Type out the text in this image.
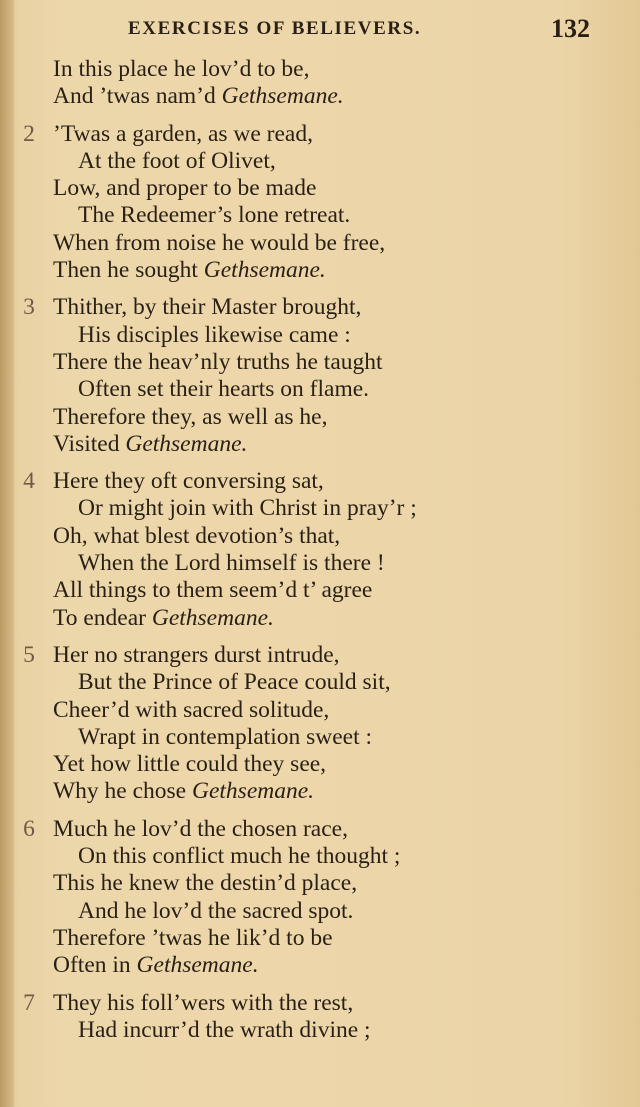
EXERCISES OF BELIEVERS.	132
In this place he lov’d to be,
And ’twas nam’d Gethsemane.
2 ’Twas a garden, as we read,
At the foot of Olivet,
Low, and proper to be made
The Redeemer’s lone retreat.
When from noise he would be free,
Then he sought Gethsemane.
3 Thither, by their Master brought,
His disciples likewise came :
There the heav’nly truths he taught
Often set their hearts on flame.
Therefore they, as well as he,
Visited Gethsemane.
4 Here they oft conversing sat,
Or might join with Christ in pray’r ;
Oh, what blest devotion’s that,
When the Lord himself is there !
All things to them seem’d t’ agree
To endear Gethsemane.
5 Her no strangers durst intrude,
But the Prince of Peace could sit,
Cheer’d with sacred solitude,
Wrapt in contemplation sweet :
Yet how little could they see,
Why he chose Gethsemane.
6 Much he lov’d the chosen race,
On this conflict much he thought ;
This he knew the destin’d place,
And he lov’d the sacred spot.
Therefore ’twas he lik’d to be
Often in Gethsemane.
7 They his foll’wers with the rest,
Had incurr’d the wrath divine ;
